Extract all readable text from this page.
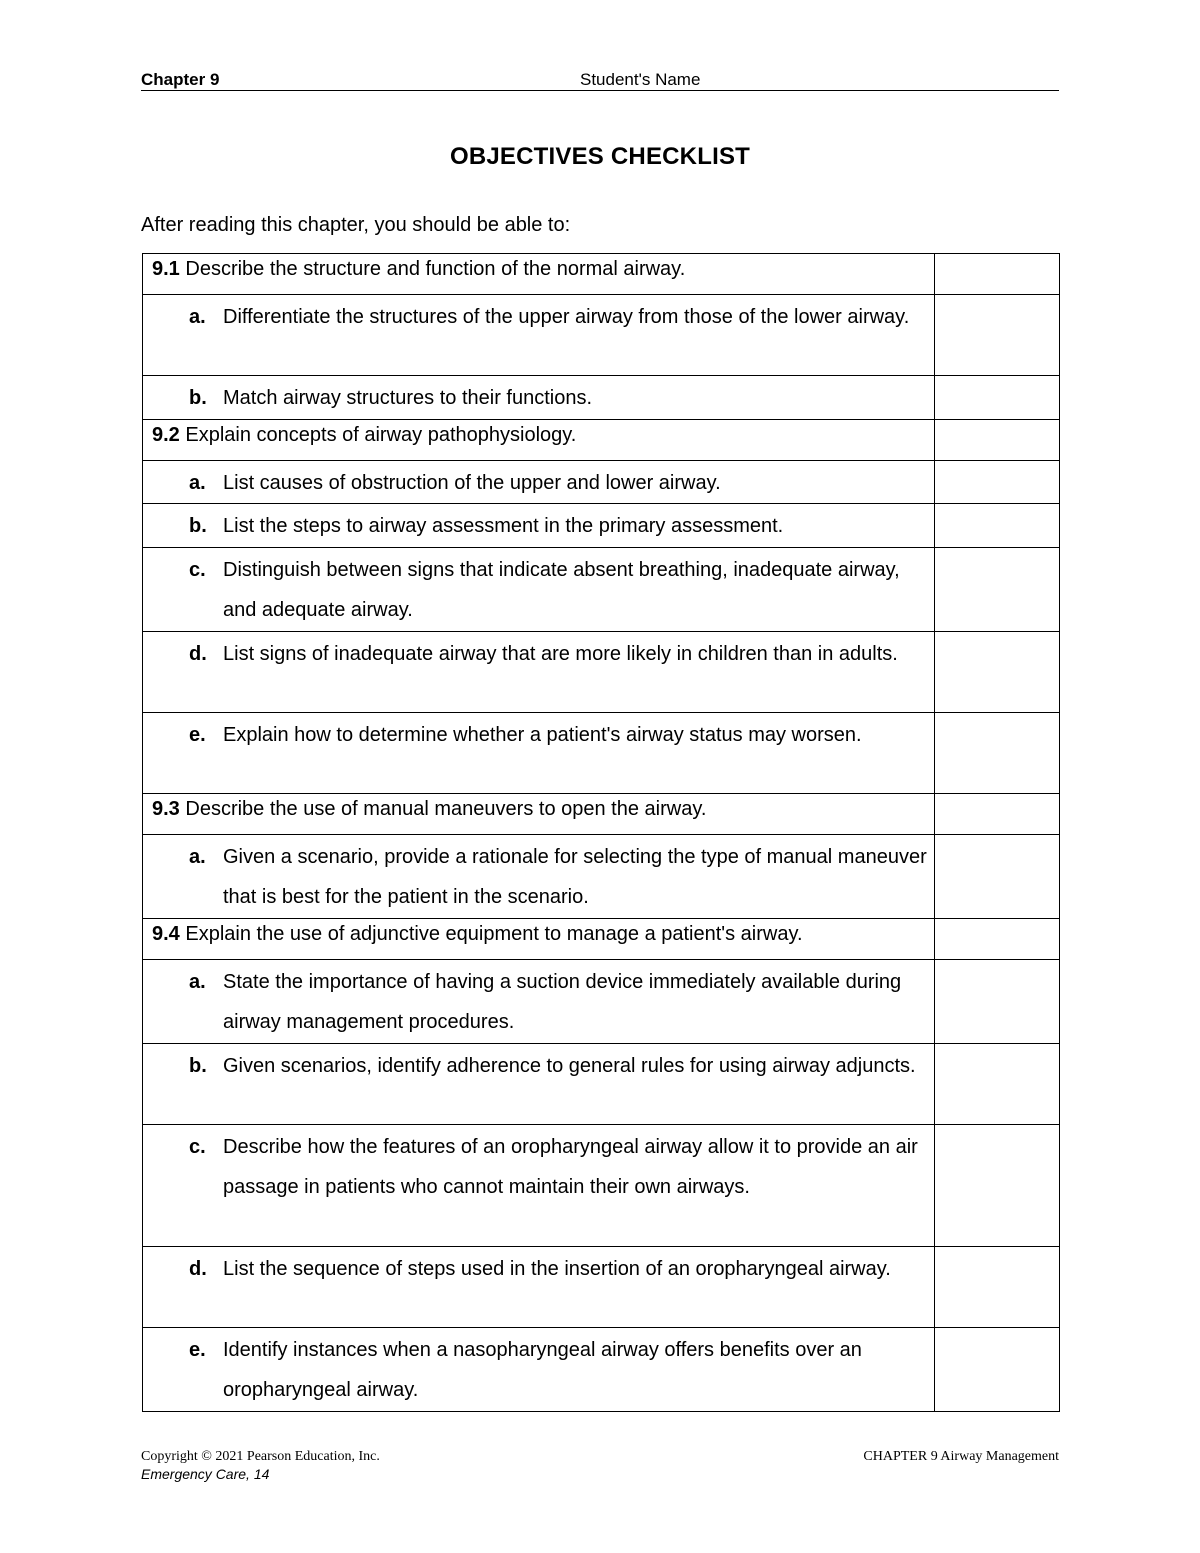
Chapter 9	Student's Name
OBJECTIVES CHECKLIST
After reading this chapter, you should be able to:
9.1 Describe the structure and function of the normal airway.	

a. Differentiate the structures of the upper airway from those of the lower airway.	

b. Match airway structures to their functions.	

9.2 Explain concepts of airway pathophysiology.	

a. List causes of obstruction of the upper and lower airway.	

b. List the steps to airway assessment in the primary assessment.	

c. Distinguish between signs that indicate absent breathing, inadequate airway, and adequate airway.	

d. List signs of inadequate airway that are more likely in children than in adults.	

e. Explain how to determine whether a patient's airway status may worsen.	

9.3 Describe the use of manual maneuvers to open the airway.	

a. Given a scenario, provide a rationale for selecting the type of manual maneuver that is best for the patient in the scenario.	

9.4 Explain the use of adjunctive equipment to manage a patient's airway.	

a. State the importance of having a suction device immediately available during airway management procedures.	

b. Given scenarios, identify adherence to general rules for using airway adjuncts.	

c. Describe how the features of an oropharyngeal airway allow it to provide an air passage in patients who cannot maintain their own airways.	

d. List the sequence of steps used in the insertion of an oropharyngeal airway.	

e. Identify instances when a nasopharyngeal airway offers benefits over an oropharyngeal airway.	

Copyright © 2021 Pearson Education, Inc.
Emergency Care, 14
CHAPTER 9 Airway Management
